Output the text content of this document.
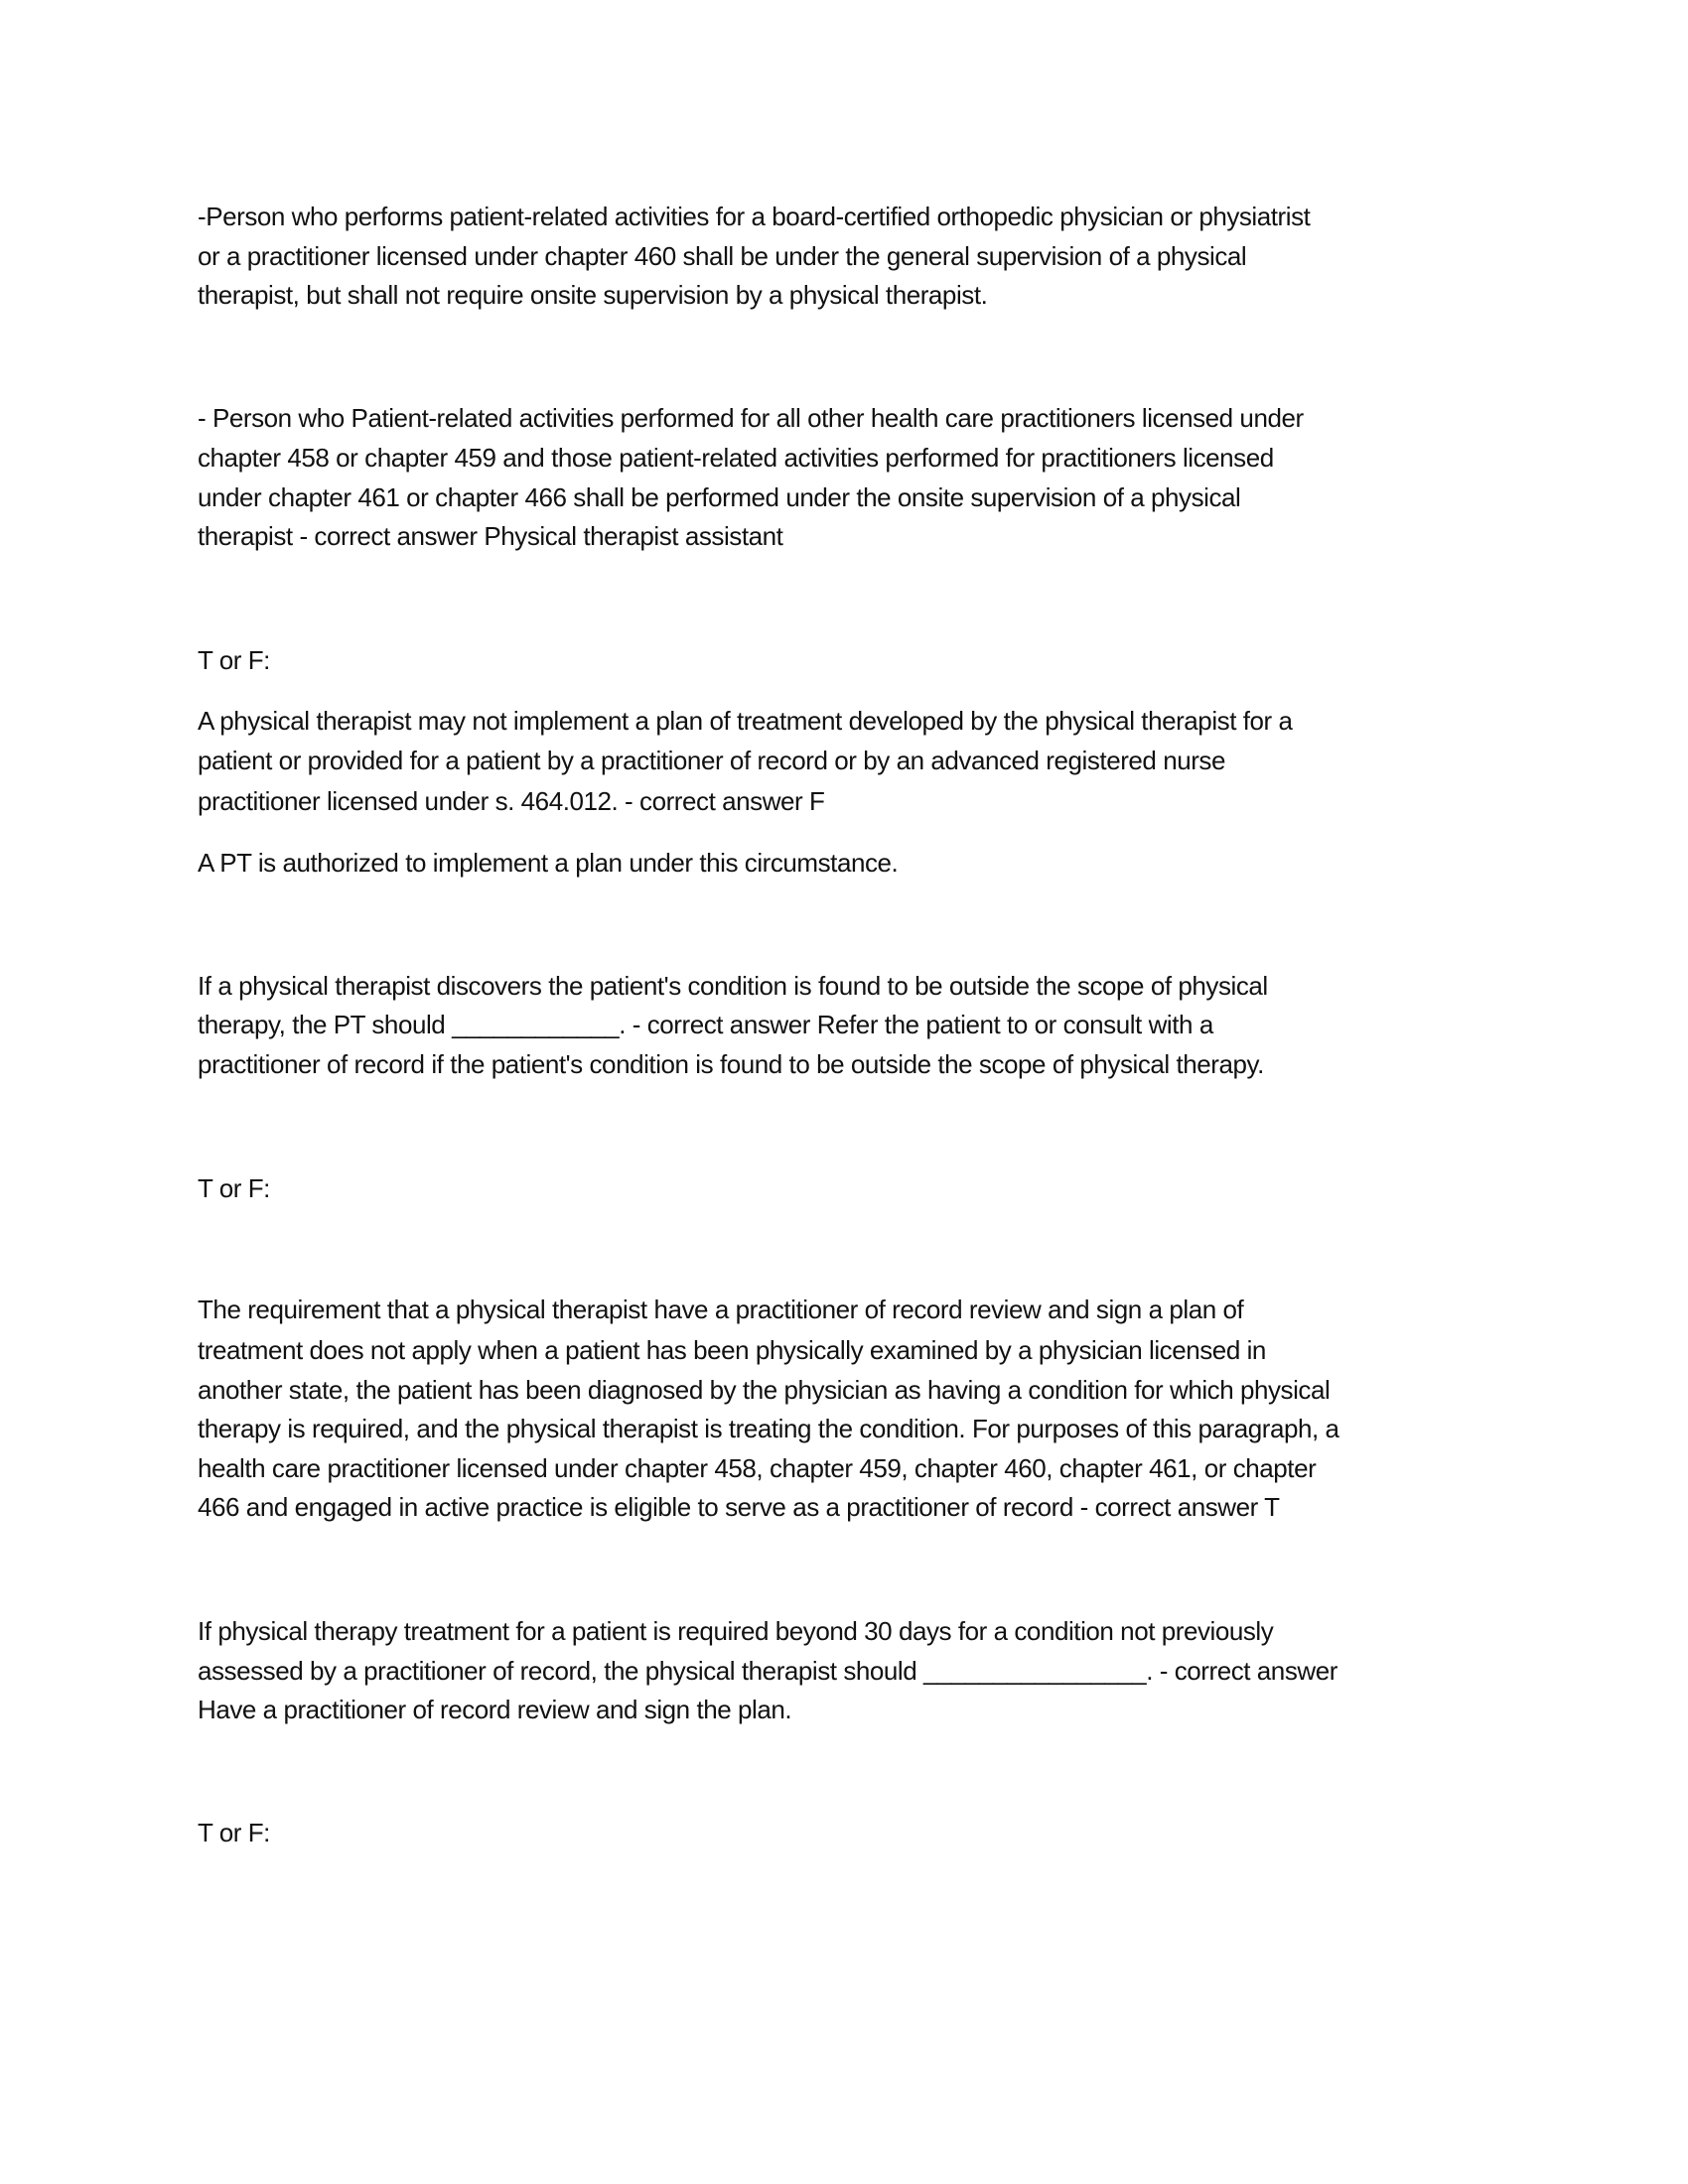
-Person who performs patient-related activities for a board-certified orthopedic physician or physiatrist
or a practitioner licensed under chapter 460 shall be under the general supervision of a physical
therapist, but shall not require onsite supervision by a physical therapist.
- Person who Patient-related activities performed for all other health care practitioners licensed under
chapter 458 or chapter 459 and those patient-related activities performed for practitioners licensed
under chapter 461 or chapter 466 shall be performed under the onsite supervision of a physical
therapist - correct answer Physical therapist assistant
T or F:
A physical therapist may not implement a plan of treatment developed by the physical therapist for a
patient or provided for a patient by a practitioner of record or by an advanced registered nurse
practitioner licensed under s. 464.012. - correct answer F
A PT is authorized to implement a plan under this circumstance.
If a physical therapist discovers the patient's condition is found to be outside the scope of physical
therapy, the PT should ____________. - correct answer Refer the patient to or consult with a
practitioner of record if the patient's condition is found to be outside the scope of physical therapy.
T or F:
The requirement that a physical therapist have a practitioner of record review and sign a plan of
treatment does not apply when a patient has been physically examined by a physician licensed in
another state, the patient has been diagnosed by the physician as having a condition for which physical
therapy is required, and the physical therapist is treating the condition. For purposes of this paragraph, a
health care practitioner licensed under chapter 458, chapter 459, chapter 460, chapter 461, or chapter
466 and engaged in active practice is eligible to serve as a practitioner of record - correct answer T
If physical therapy treatment for a patient is required beyond 30 days for a condition not previously
assessed by a practitioner of record, the physical therapist should ________________. - correct answer
Have a practitioner of record review and sign the plan.
T or F:
